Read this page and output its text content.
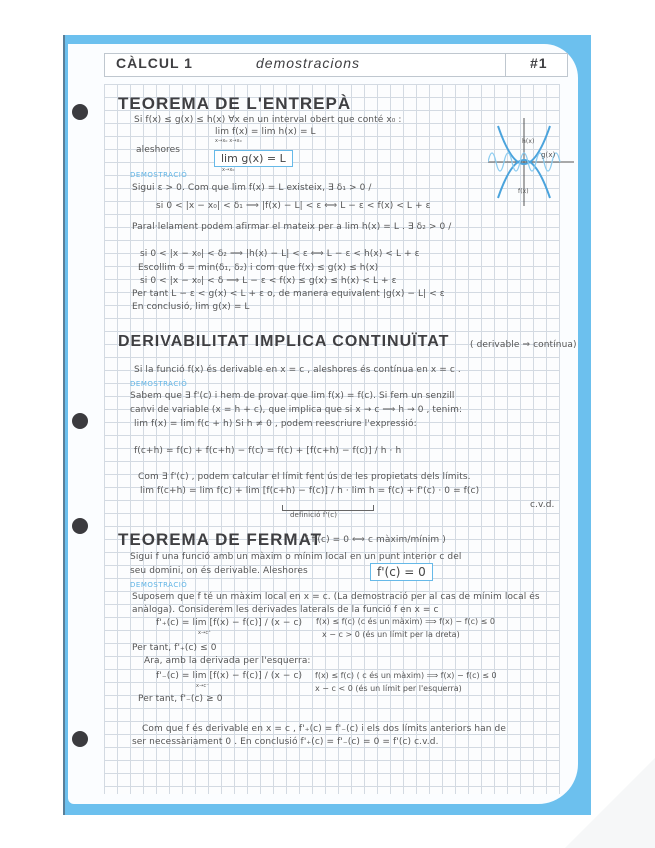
CÀLCUL 1	demostracions	#1
TEOREMA DE L'ENTREPÀ
Si f(x) ≤ g(x) ≤ h(x) ∀x en un interval obert que conté x₀ :
lim f(x) = lim h(x) = L
x→x₀ x→x₀
aleshores
lim g(x) = L
x→x₀
DEMOSTRACIÓ
Sigui ε > 0. Com que lim f(x) = L existeix, ∃ δ₁ > 0 /
si 0 < |x − x₀| < δ₁ ⟹ |f(x) − L| < ε ⟺ L − ε < f(x) < L + ε
Paral·lelament podem afirmar el mateix per a lim h(x) = L . ∃ δ₂ > 0 /
si 0 < |x − x₀| < δ₂ ⟹ |h(x) − L| < ε ⟺ L − ε < h(x) < L + ε
Escollim δ = min(δ₁, δ₂) i com que f(x) ≤ g(x) ≤ h(x)
si 0 < |x − x₀| < δ ⟹ L − ε < f(x) ≤ g(x) ≤ h(x) < L + ε
Per tant L − ε < g(x) < L + ε o, de manera equivalent |g(x) − L| < ε
En conclusió, lim g(x) = L
h(x)
g(x)
f(x)
DERIVABILITAT IMPLICA CONTINUÏTAT ( derivable ⇒ contínua)
Si la funció f(x) és derivable en x = c , aleshores és contínua en x = c .
DEMOSTRACIÓ
Sabem que ∃ f'(c) i hem de provar que lim f(x) = f(c). Si fem un senzill
canvi de variable (x = h + c), que implica que si x → c ⟹ h → 0 , tenim:
lim f(x) = lim f(c + h) Si h ≠ 0 , podem reescriure l'expressió:
f(c+h) = f(c) + f(c+h) − f(c) = f(c) + [f(c+h) − f(c)] / h · h
Com ∃ f'(c) , podem calcular el límit fent ús de les propietats dels límits.
lim f(c+h) = lim f(c) + lim [f(c+h) − f(c)] / h · lim h = f(c) + f'(c) · 0 = f(c)
definició f'(c)
c.v.d.
TEOREMA DE FERMAT
( f'(c) = 0 ⟺ c màxim/mínim )
Sigui f una funció amb un màxim o mínim local en un punt interior c del
seu domini, on és derivable. Aleshores	f'(c) = 0
DEMOSTRACIÓ
Suposem que f té un màxim local en x = c. (La demostració per al cas de mínim local és
anàloga). Considerem les derivades laterals de la funció f en x = c
f'₊(c) = lim [f(x) − f(c)] / (x − c)
x→c⁺
Per tant, f'₊(c) ≤ 0
Ara, amb la derivada per l'esquerra:
f'₋(c) = lim [f(x) − f(c)] / (x − c)
x→c⁻
Per tant, f'₋(c) ≥ 0
f(x) ≤ f(c) (c és un màxim) ⟹ f(x) − f(c) ≤ 0
x − c > 0 (és un límit per la dreta)
f(x) ≤ f(c) ( c és un màxim) ⟹ f(x) − f(c) ≤ 0
x − c < 0 (és un límit per l'esquerra)
Com que f és derivable en x = c , f'₊(c) = f'₋(c) i els dos límits anteriors han de
ser necessàriament 0 . En conclusió f'₊(c) = f'₋(c) = 0 = f'(c) c.v.d.
